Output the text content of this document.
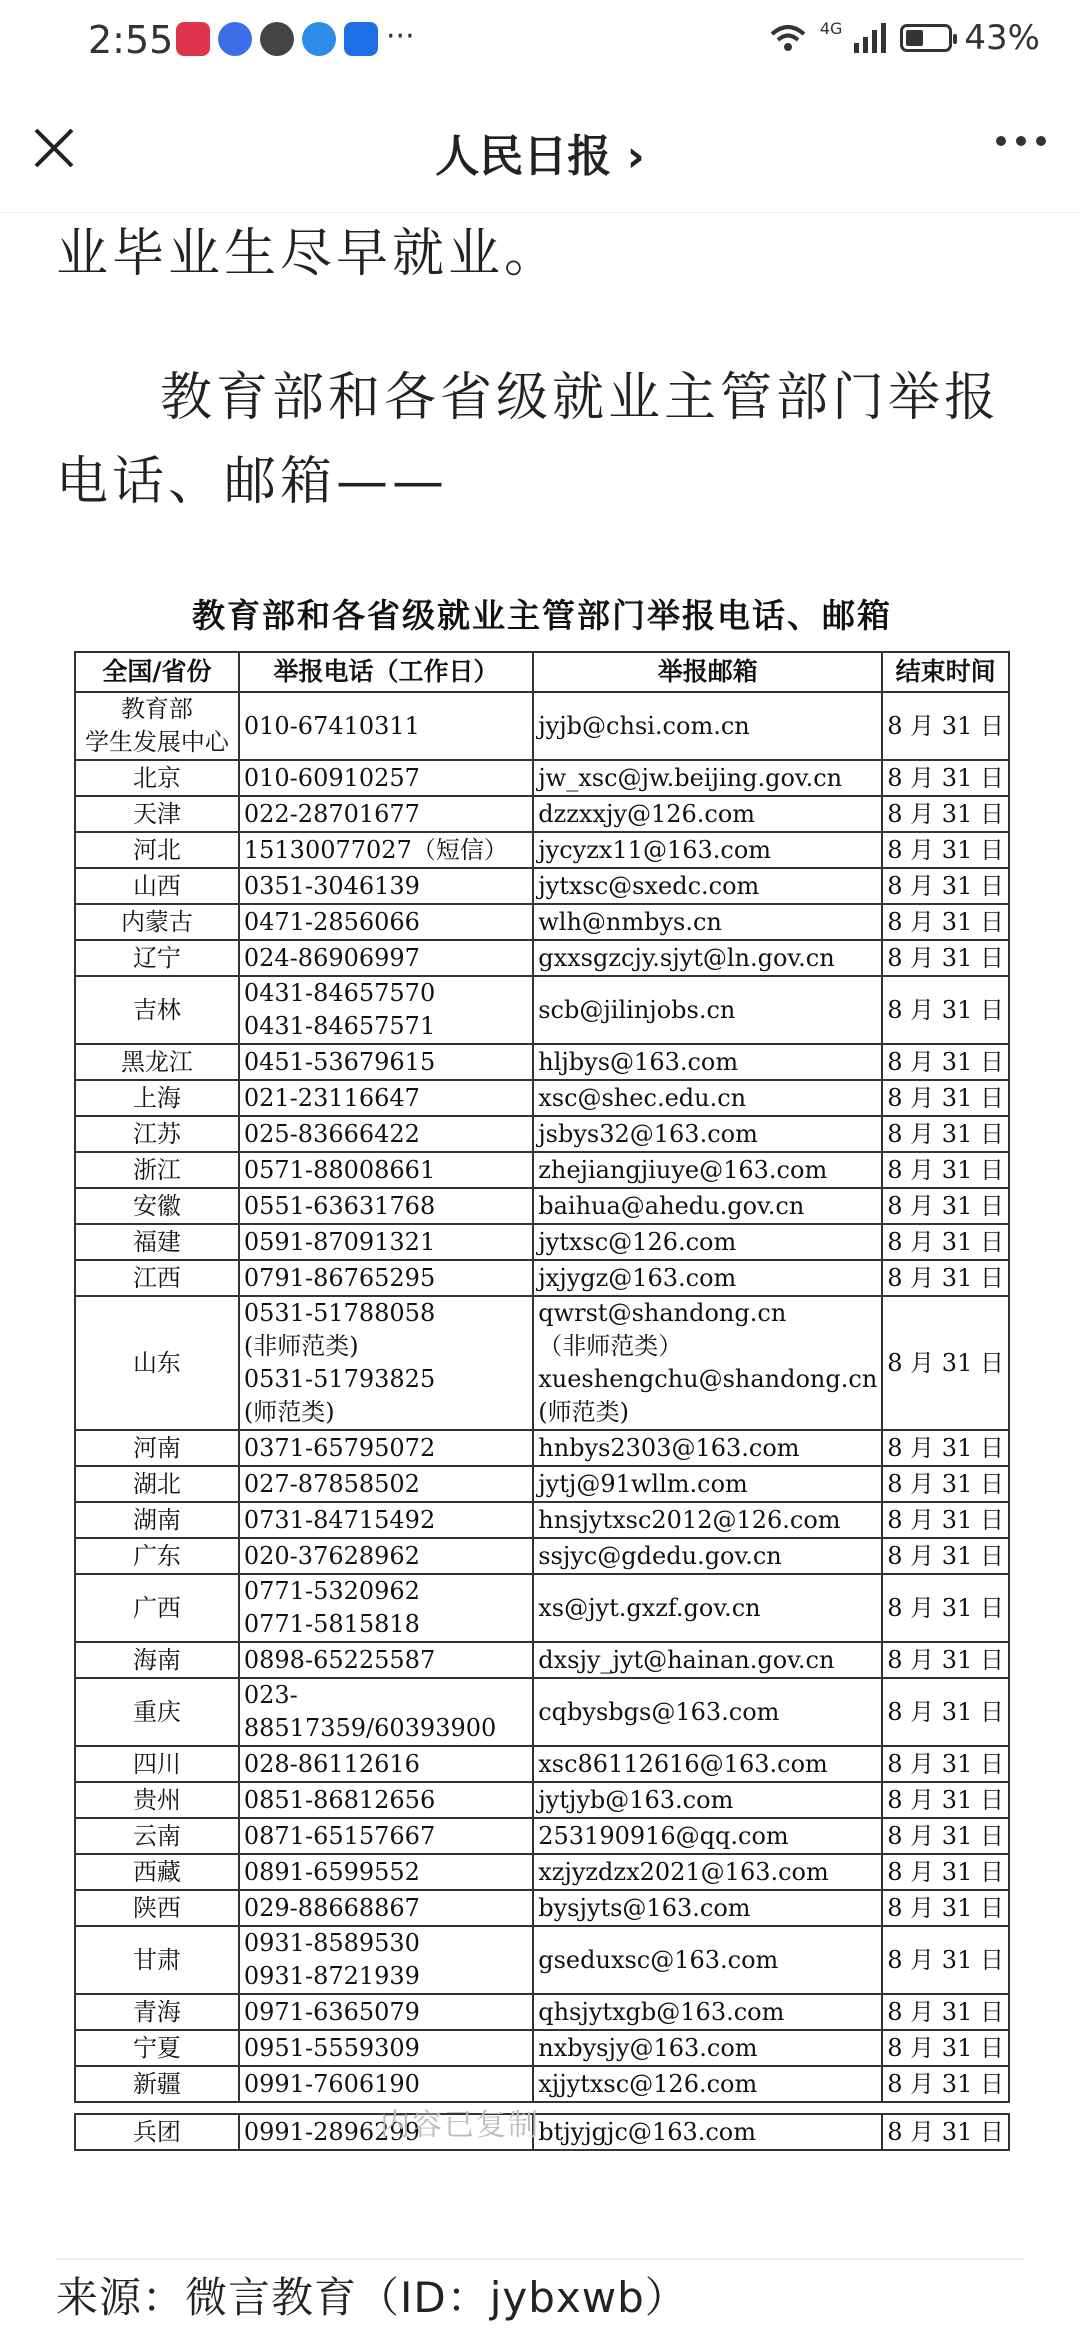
2:55	···	4G	43%
人民日报 ›

业毕业生尽早就业。

教育部和各省级就业主管部门举报电话、邮箱——

教育部和各省级就业主管部门举报电话、邮箱
全国/省份	举报电话（工作日）	举报邮箱	结束时间

教育部
学生发展中心	010-67410311	jyjb@chsi.com.cn	8 月 31 日

北京	010-60910257	jw_xsc@jw.beijing.gov.cn	8 月 31 日

天津	022-28701677	dzzxxjy@126.com	8 月 31 日

河北	15130077027（短信）	jycyzx11@163.com	8 月 31 日

山西	0351-3046139	jytxsc@sxedc.com	8 月 31 日

内蒙古	0471-2856066	wlh@nmbys.cn	8 月 31 日

辽宁	024-86906997	gxxsgzcjy.sjyt@ln.gov.cn	8 月 31 日

吉林	0431-84657570
0431-84657571	scb@jilinjobs.cn	8 月 31 日

黑龙江	0451-53679615	hljbys@163.com	8 月 31 日

上海	021-23116647	xsc@shec.edu.cn	8 月 31 日

江苏	025-83666422	jsbys32@163.com	8 月 31 日

浙江	0571-88008661	zhejiangjiuye@163.com	8 月 31 日

安徽	0551-63631768	baihua@ahedu.gov.cn	8 月 31 日

福建	0591-87091321	jytxsc@126.com	8 月 31 日

江西	0791-86765295	jxjygz@163.com	8 月 31 日

山东	0531-51788058
(非师范类)
0531-51793825
(师范类)	qwrst@shandong.cn
（非师范类）
xueshengchu@shandong.cn
(师范类)	8 月 31 日

河南	0371-65795072	hnbys2303@163.com	8 月 31 日

湖北	027-87858502	jytj@91wllm.com	8 月 31 日

湖南	0731-84715492	hnsjytxsc2012@126.com	8 月 31 日

广东	020-37628962	ssjyc@gdedu.gov.cn	8 月 31 日

广西	0771-5320962
0771-5815818	xs@jyt.gxzf.gov.cn	8 月 31 日

海南	0898-65225587	dxsjy_jyt@hainan.gov.cn	8 月 31 日

重庆	023-88517359/60393900	cqbysbgs@163.com	8 月 31 日

四川	028-86112616	xsc86112616@163.com	8 月 31 日

贵州	0851-86812656	jytjyb@163.com	8 月 31 日

云南	0871-65157667	253190916@qq.com	8 月 31 日

西藏	0891-6599552	xzjyzdzx2021@163.com	8 月 31 日

陕西	029-88668867	bysjyts@163.com	8 月 31 日

甘肃	0931-8589530
0931-8721939	gseduxsc@163.com	8 月 31 日

青海	0971-6365079	qhsjytxgb@163.com	8 月 31 日

宁夏	0951-5559309	nxbysjy@163.com	8 月 31 日

新疆	0991-7606190	xjjytxsc@126.com	8 月 31 日

兵团	0991-2896299	btjyjgjc@163.com	8 月 31 日
内容已复制
来源：微言教育（ID：jybxwb）
